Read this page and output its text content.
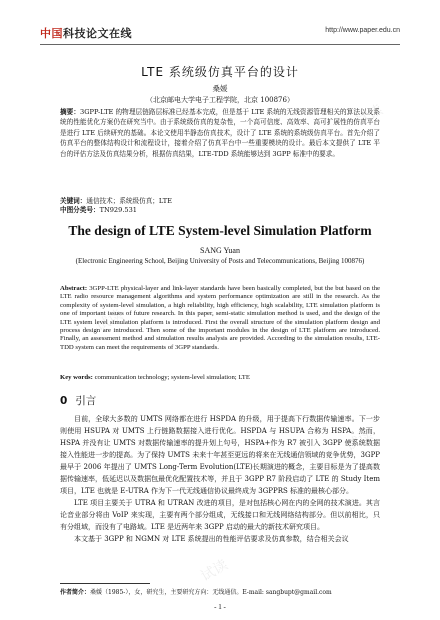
中国科技论文在线	http://www.paper.edu.cn
LTE 系统级仿真平台的设计
桑媛
（北京邮电大学电子工程学院，北京 100876）
摘要：3GPP-LTE 的物理层链路层标准已经基本完成，但是基于 LTE 系统的无线资源管理相关的算法以及系统的性能优化方案仍在研究当中。由于系统级仿真的复杂性，一个高可信度、高效率、高可扩展性的仿真平台是进行 LTE 后续研究的基础。本论文使用半静态仿真技术，设计了 LTE 系统的系统级仿真平台。首先介绍了仿真平台的整体结构设计和流程设计，接着介绍了仿真平台中一些重要模块的设计。最后本文提供了 LTE 平台的评估方法及仿真结果分析，根据仿真结果，LTE-TDD 系统能够达到 3GPP 标准中的要求。
关键词：通信技术；系统级仿真；LTE
中图分类号：TN929.531
The design of LTE System-level Simulation Platform
SANG Yuan
(Electronic Engineering School, Beijing University of Posts and Telecommunications, Beijing 100876)
Abstract: 3GPP-LTE physical-layer and link-layer standards have been basically completed, but the but based on the LTE radio resource management algorithms and system performance optimization are still in the research. As the complexity of system-level simulation, a high reliability, high efficiency, high scalability, LTE simulation platform is one of important issues of future research. In this paper, semi-static simulation method is used, and the design of the LTE system level simulation platform is introduced. First the overall structure of the simulation platform design and process design are introduced. Then some of the important modules in the design of LTE platform are introduced. Finally, an assessment method and simulation results analysis are provided. According to the simulation results, LTE-TDD system can meet the requirements of 3GPP standards.
Key words: communication technology; system-level simulation; LTE
0 引言

目前，全球大多数的 UMTS 网络都在进行 HSPDA 的升级，用于提高下行数据传输速率。下一步则使用 HSUPA 对 UMTS 上行链路数据接入进行优化。HSPDA 与 HSUPA 合称为 HSPA。然而，HSPA 并没有让 UMTS 对数据传输速率的提升划上句号，HSPA+作为 R7 被引入 3GPP 使系统数据接入性能进一步的提高。为了保持 UMTS 未来十年甚至更远的将来在无线通信领域的竞争优势，3GPP 最早于 2006 年提出了 UMTS Long-Term Evolution(LTE)长期演进的概念，主要目标是为了提高数据传输速率，低延迟以及数据包最优化配置技术等，并且于 3GPP R7 阶段启动了 LTE 的 Study Item 项目，LTE 也就是 E-UTRA 作为下一代无线通信协议最终成为 3GPPRS 标准的最核心部分。

LTE 项目主要关于 UTRA 和 UTRAN 改进的项目，是对包括核心网在内的全网的技术演进。其言论音业部分将由 VoIP 来实现，主要有两个部分组成，无线接口和无线网络结构部分。但以前相比，只有分组域，而没有了电路域。LTE 是近两年来 3GPP 启动的最大的新技术研究项目。

本文基于 3GPP 和 NGMN 对 LTE 系统提出的性能评估要求及仿真参数，结合相关会议

作者简介：桑媛（1985-），女，研究生，主要研究方向：无线通信。E-mail: sangbupt@gmail.com
- 1 -
试读
试读
试读
试读
